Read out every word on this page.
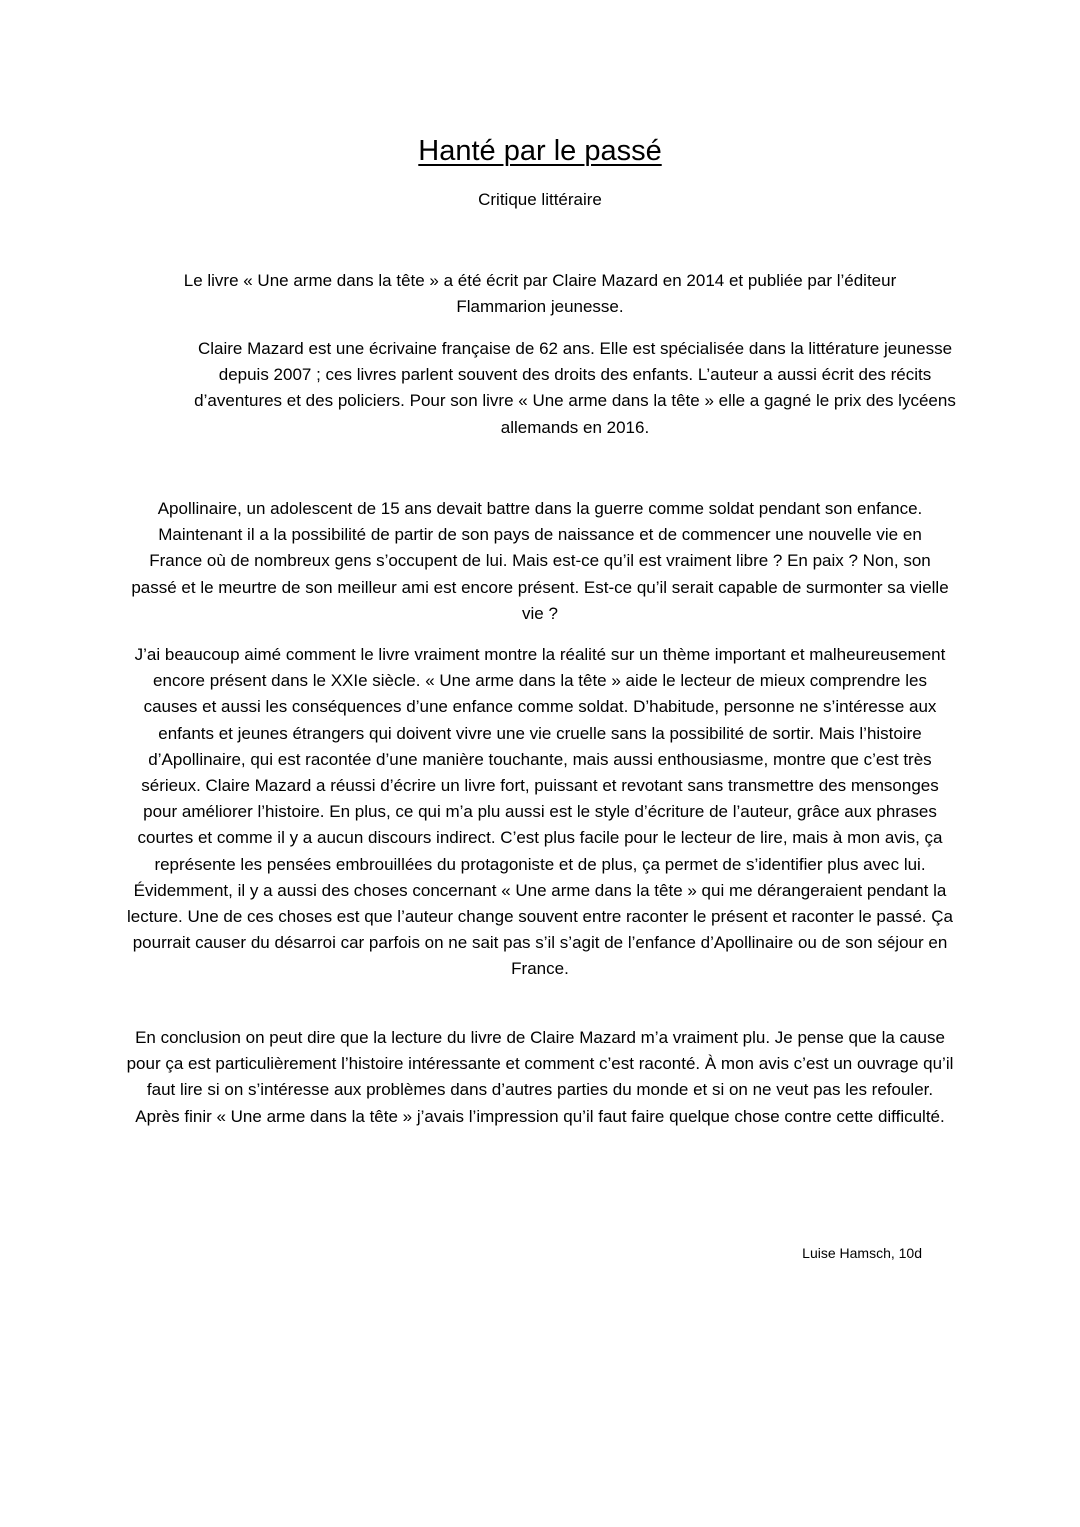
Hanté par le passé
Critique littéraire

Le livre « Une arme dans la tête » a été écrit par Claire Mazard en 2014 et publiée par l’éditeur Flammarion jeunesse.

Claire Mazard est une écrivaine française de 62 ans. Elle est spécialisée dans la littérature jeunesse depuis 2007 ; ces livres parlent souvent des droits des enfants. L’auteur a aussi écrit des récits d’aventures et des policiers. Pour son livre « Une arme dans la tête » elle a gagné le prix des lycéens allemands en 2016.

Apollinaire, un adolescent de 15 ans devait battre dans la guerre comme soldat pendant son enfance. Maintenant il a la possibilité de partir de son pays de naissance et de commencer une nouvelle vie en France où de nombreux gens s’occupent de lui. Mais est-ce qu’il est vraiment libre ? En paix ? Non, son passé et le meurtre de son meilleur ami est encore présent. Est-ce qu’il serait capable de surmonter sa vielle vie ?

J’ai beaucoup aimé comment le livre vraiment montre la réalité sur un thème important et malheureusement encore présent dans le XXIe siècle. « Une arme dans la tête » aide le lecteur de mieux comprendre les causes et aussi les conséquences d’une enfance comme soldat. D’habitude, personne ne s’intéresse aux enfants et jeunes étrangers qui doivent vivre une vie cruelle sans la possibilité de sortir. Mais l’histoire d’Apollinaire, qui est racontée d’une manière touchante, mais aussi enthousiasme, montre que c’est très sérieux. Claire Mazard a réussi d’écrire un livre fort, puissant et revotant sans transmettre des mensonges pour améliorer l’histoire. En plus, ce qui m’a plu aussi est le style d’écriture de l’auteur, grâce aux phrases courtes et comme il y a aucun discours indirect. C’est plus facile pour le lecteur de lire, mais à mon avis, ça représente les pensées embrouillées du protagoniste et de plus, ça permet de s’identifier plus avec lui. Évidemment, il y a aussi des choses concernant « Une arme dans la tête » qui me dérangeraient pendant la lecture. Une de ces choses est que l’auteur change souvent entre raconter le présent et raconter le passé. Ça pourrait causer du désarroi car parfois on ne sait pas s’il s’agit de l’enfance d’Apollinaire ou de son séjour en France.

En conclusion on peut dire que la lecture du livre de Claire Mazard m’a vraiment plu. Je pense que la cause pour ça est particulièrement l’histoire intéressante et comment c’est raconté. À mon avis c’est un ouvrage qu’il faut lire si on s’intéresse aux problèmes dans d’autres parties du monde et si on ne veut pas les refouler. Après finir « Une arme dans la tête » j’avais l’impression qu’il faut faire quelque chose contre cette difficulté.

Luise Hamsch, 10d
